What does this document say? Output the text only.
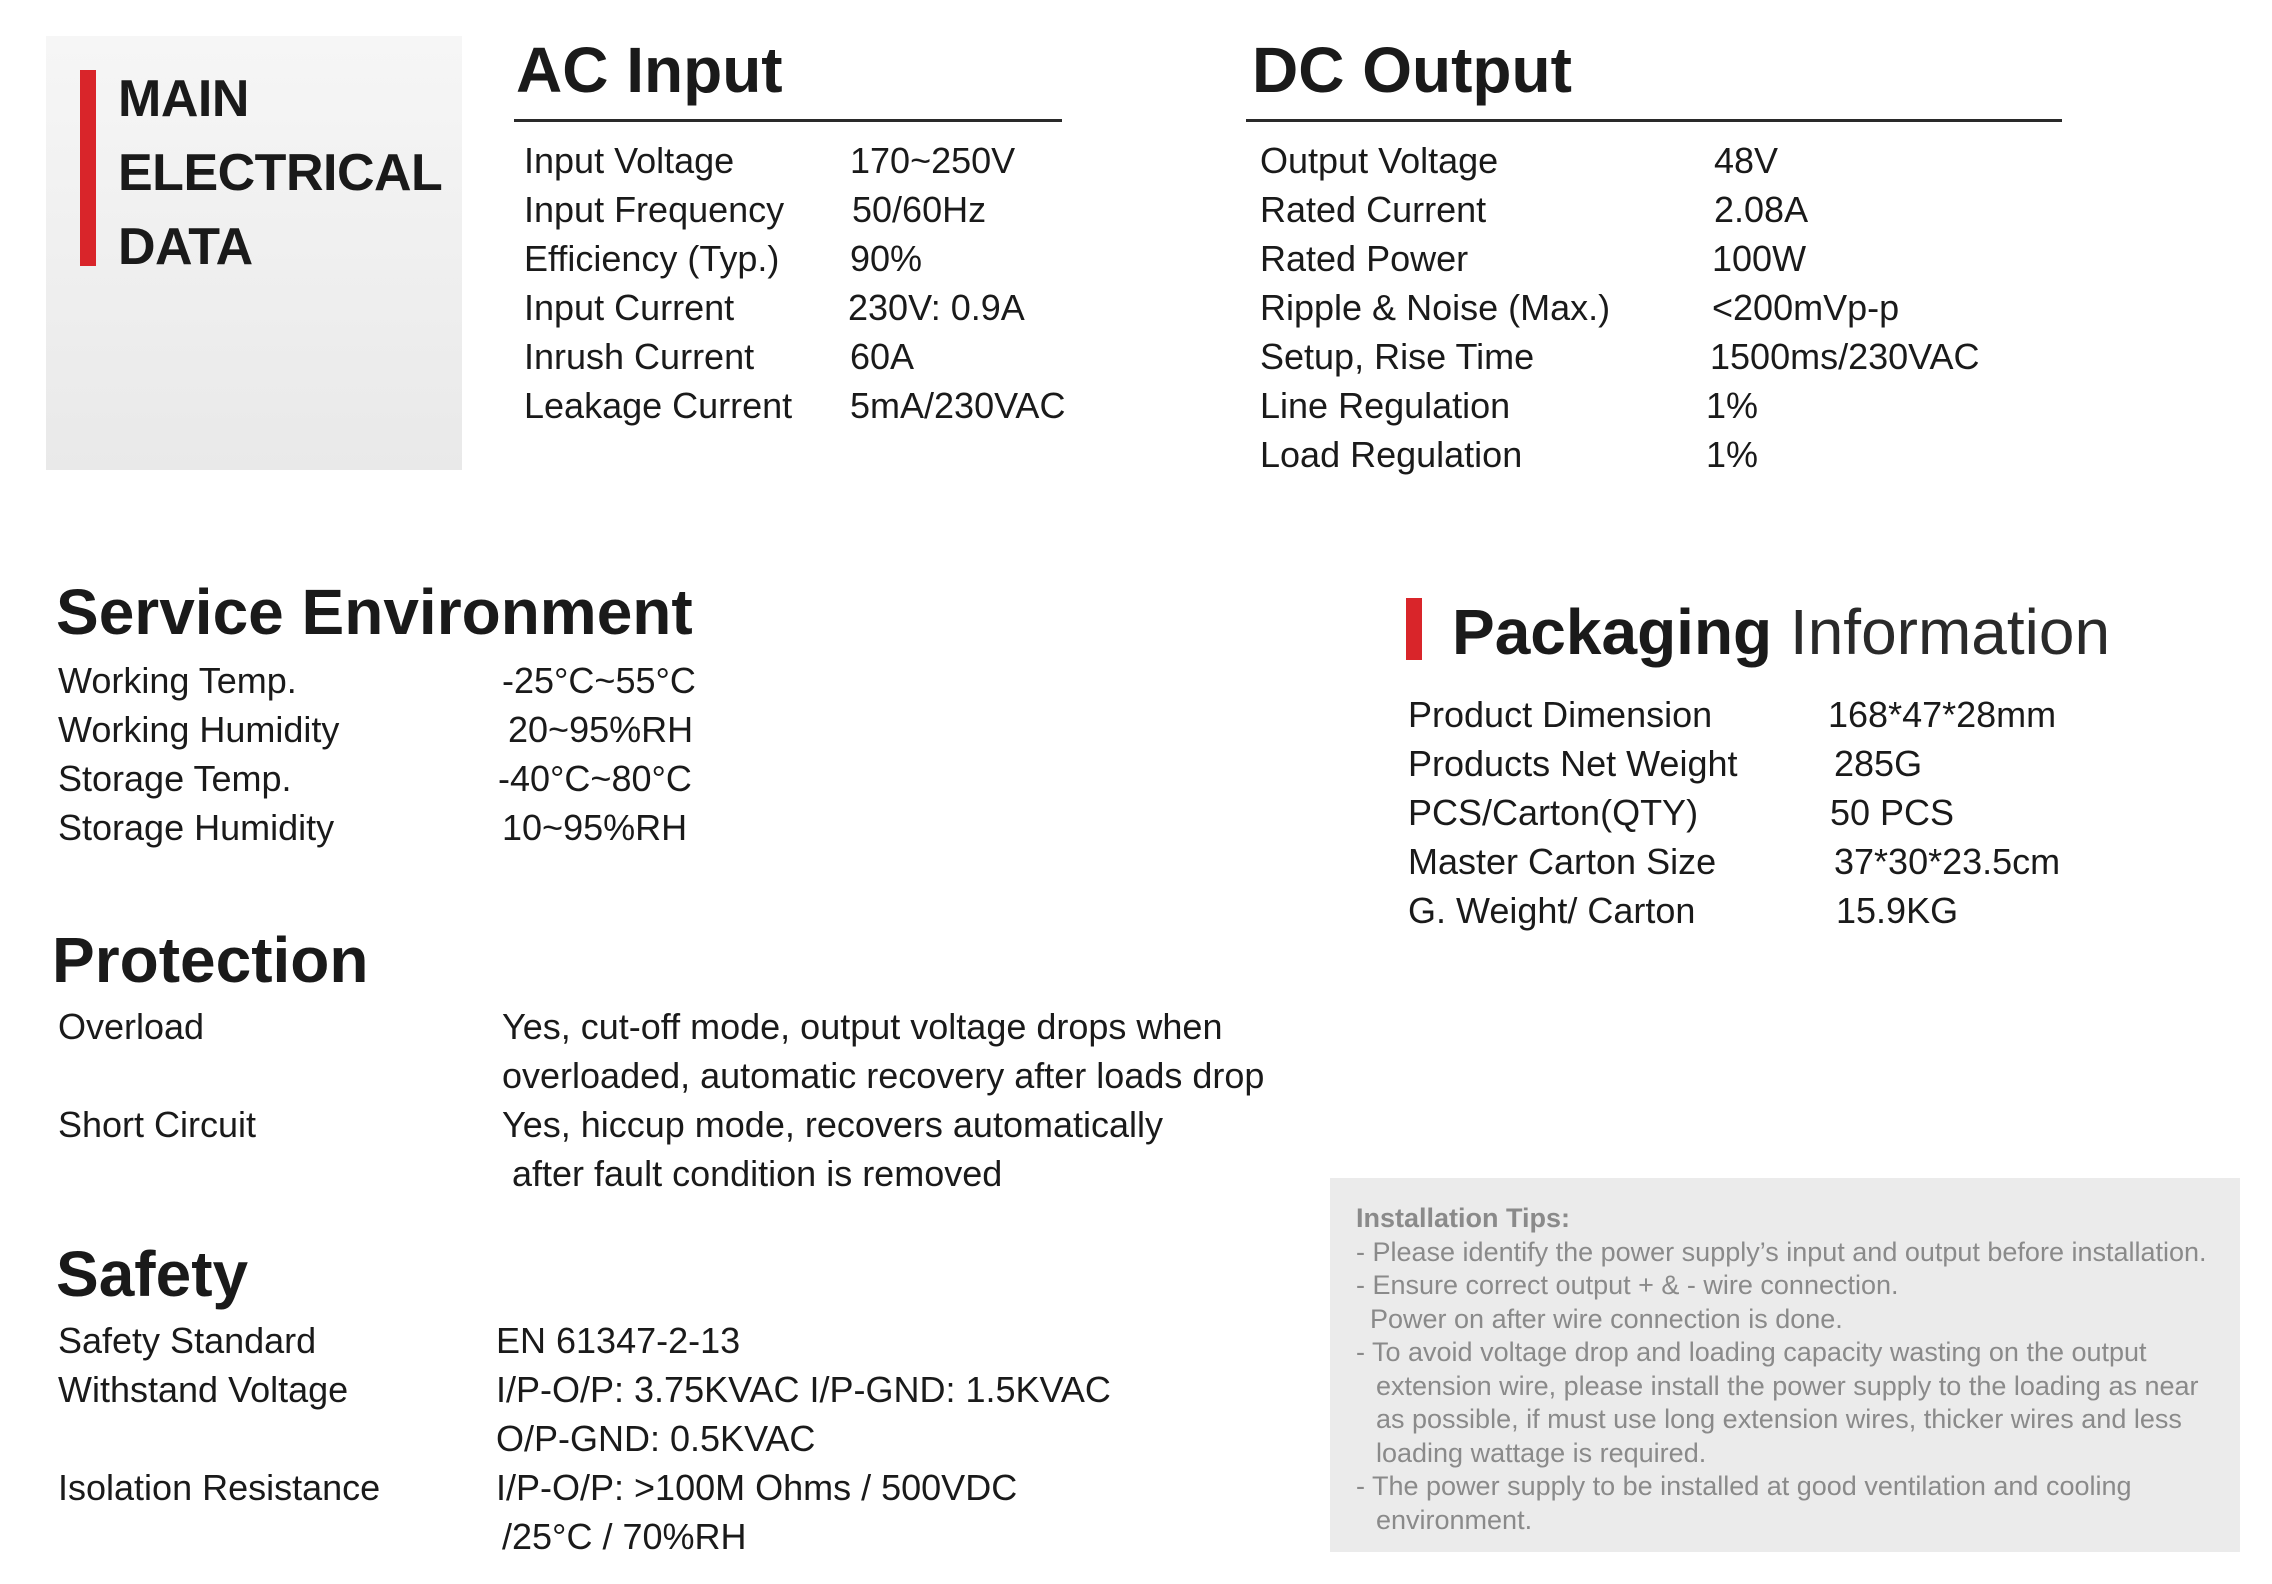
MAIN
ELECTRICAL
DATA
AC Input
Input Voltage	170~250V
Input Frequency 50/60Hz
Efficiency (Typ.) 90%
Input Current	230V: 0.9A
Inrush Current	60A
Leakage Current 5mA/230VAC
DC Output
Output Voltage	48V
Rated Current	2.08A
Rated Power	100W
Ripple & Noise (Max.)	<200mVp-p
Setup, Rise Time	1500ms/230VAC
Line Regulation	1%
Load Regulation	1%
Service Environment
Working Temp.	-25°C~55°C
Working Humidity	20~95%RH
Storage Temp.	-40°C~80°C
Storage Humidity	10~95%RH
Protection
Overload	Yes, cut-off mode, output voltage drops when
overloaded, automatic recovery after loads drop
Short Circuit	Yes, hiccup mode, recovers automatically
after fault condition is removed
Safety
Safety Standard	EN 61347-2-13
Withstand Voltage	I/P-O/P: 3.75KVAC I/P-GND: 1.5KVAC
O/P-GND: 0.5KVAC
Isolation Resistance	I/P-O/P: >100M Ohms / 500VDC
/25°C / 70%RH
Packaging Information
Product Dimension	168*47*28mm
Products Net Weight	285G
PCS/Carton(QTY)	50 PCS
Master Carton Size	37*30*23.5cm
G. Weight/ Carton	15.9KG
Installation Tips:
- Please identify the power supply’s input and output before installation.
- Ensure correct output + & - wire connection.
Power on after wire connection is done.
- To avoid voltage drop and loading capacity wasting on the output
extension wire, please install the power supply to the loading as near
as possible, if must use long extension wires, thicker wires and less
loading wattage is required.
- The power supply to be installed at good ventilation and cooling
environment.
